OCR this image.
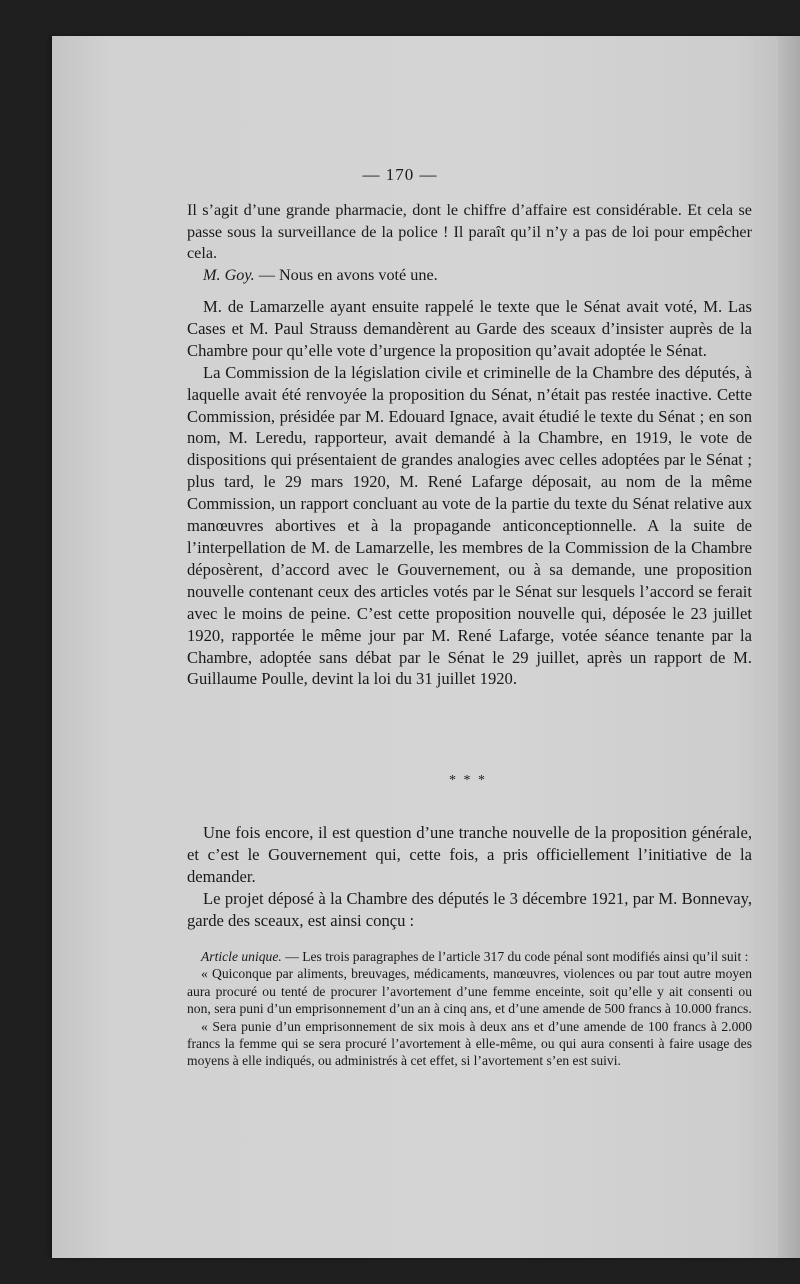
— 170 —

Il s’agit d’une grande pharmacie, dont le chiffre d’affaire est considérable. Et cela se passe sous la surveillance de la police ! Il paraît qu’il n’y a pas de loi pour empêcher cela.

M. Goy. — Nous en avons voté une.

M. de Lamarzelle ayant ensuite rappelé le texte que le Sénat avait voté, M. Las Cases et M. Paul Strauss demandèrent au Garde des sceaux d’insister auprès de la Chambre pour qu’elle vote d’urgence la proposition qu’avait adoptée le Sénat.

La Commission de la législation civile et criminelle de la Chambre des députés, à laquelle avait été renvoyée la proposition du Sénat, n’était pas restée inactive. Cette Commission, présidée par M. Edouard Ignace, avait étudié le texte du Sénat ; en son nom, M. Leredu, rapporteur, avait demandé à la Chambre, en 1919, le vote de dispositions qui présentaient de grandes analogies avec celles adoptées par le Sénat ; plus tard, le 29 mars 1920, M. René Lafarge déposait, au nom de la même Commission, un rapport concluant au vote de la partie du texte du Sénat relative aux manœuvres abortives et à la propagande anticonceptionnelle. A la suite de l’interpellation de M. de Lamarzelle, les membres de la Commission de la Chambre déposèrent, d’accord avec le Gouvernement, ou à sa demande, une proposition nouvelle contenant ceux des articles votés par le Sénat sur lesquels l’accord se ferait avec le moins de peine. C’est cette proposition nouvelle qui, déposée le 23 juillet 1920, rapportée le même jour par M. René Lafarge, votée séance tenante par la Chambre, adoptée sans débat par le Sénat le 29 juillet, après un rapport de M. Guillaume Poulle, devint la loi du 31 juillet 1920.

* * *

Une fois encore, il est question d’une tranche nouvelle de la proposition générale, et c’est le Gouvernement qui, cette fois, a pris officiellement l’initiative de la demander.

Le projet déposé à la Chambre des députés le 3 décembre 1921, par M. Bonnevay, garde des sceaux, est ainsi conçu :

Article unique. — Les trois paragraphes de l’article 317 du code pénal sont modifiés ainsi qu’il suit :

« Quiconque par aliments, breuvages, médicaments, manœuvres, violences ou par tout autre moyen aura procuré ou tenté de procurer l’avortement d’une femme enceinte, soit qu’elle y ait consenti ou non, sera puni d’un emprisonnement d’un an à cinq ans, et d’une amende de 500 francs à 10.000 francs.

« Sera punie d’un emprisonnement de six mois à deux ans et d’une amende de 100 francs à 2.000 francs la femme qui se sera procuré l’avortement à elle-même, ou qui aura consenti à faire usage des moyens à elle indiqués, ou administrés à cet effet, si l’avortement s’en est suivi.
